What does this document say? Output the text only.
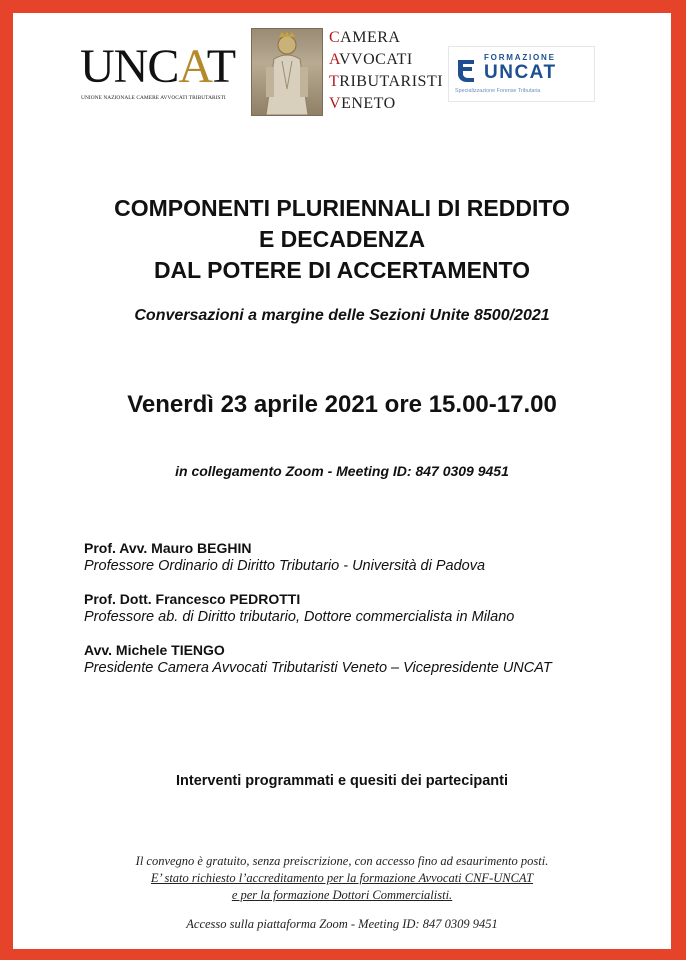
UNCAT
UNIONE NAZIONALE CAMERE AVVOCATI TRIBUTARISTI
CAMERA
AVVOCATI
TRIBUTARISTI
VENETO
FORMAZIONE
UNCAT
Specializzazione Forense Tributaria
COMPONENTI PLURIENNALI DI REDDITO
E DECADENZA
DAL POTERE DI ACCERTAMENTO
Conversazioni a margine delle Sezioni Unite 8500/2021
Venerdì 23 aprile 2021 ore 15.00-17.00
in collegamento Zoom - Meeting ID: 847 0309 9451
Prof. Avv. Mauro BEGHIN
Professore Ordinario di Diritto Tributario - Università di Padova
Prof. Dott. Francesco PEDROTTI
Professore ab. di Diritto tributario, Dottore commercialista in Milano
Avv. Michele TIENGO
Presidente Camera Avvocati Tributaristi Veneto – Vicepresidente UNCAT
Interventi programmati e quesiti dei partecipanti
Il convegno è gratuito, senza preiscrizione, con accesso fino ad esaurimento posti.
E’ stato richiesto l’accreditamento per la formazione Avvocati CNF-UNCAT
e per la formazione Dottori Commercialisti.
Accesso sulla piattaforma Zoom - Meeting ID: 847 0309 9451
